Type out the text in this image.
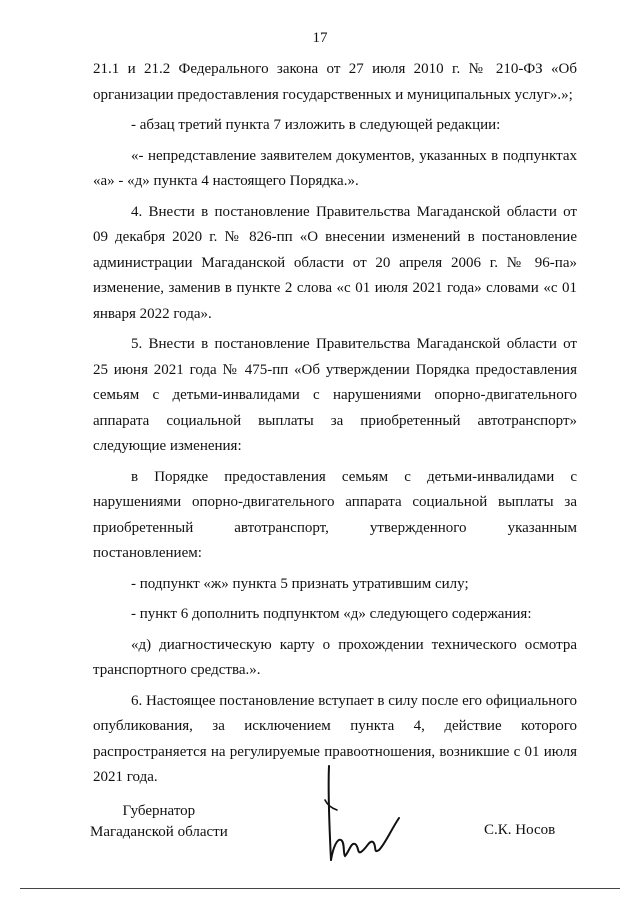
17

21.1 и 21.2 Федерального закона от 27 июля 2010 г. № 210-ФЗ «Об организации предоставления государственных и муниципальных услуг».»;

- абзац третий пункта 7 изложить в следующей редакции:

«- непредставление заявителем документов, указанных в подпунктах «а» - «д» пункта 4 настоящего Порядка.».

4. Внести в постановление Правительства Магаданской области от 09 декабря 2020 г. № 826-пп «О внесении изменений в постановление администрации Магаданской области от 20 апреля 2006 г. № 96-па» изменение, заменив в пункте 2 слова «с 01 июля 2021 года» словами «с 01 января 2022 года».

5. Внести в постановление Правительства Магаданской области от 25 июня 2021 года № 475-пп «Об утверждении Порядка предоставления семьям с детьми-инвалидами с нарушениями опорно-двигательного аппарата социальной выплаты за приобретенный автотранспорт» следующие изменения:

в Порядке предоставления семьям с детьми-инвалидами с нарушениями опорно-двигательного аппарата социальной выплаты за приобретенный автотранспорт, утвержденного указанным постановлением:

- подпункт «ж» пункта 5 признать утратившим силу;

- пункт 6 дополнить подпунктом «д» следующего содержания:

«д) диагностическую карту о прохождении технического осмотра транспортного средства.».

6. Настоящее постановление вступает в силу после его официального опубликования, за исключением пункта 4, действие которого распространяется на регулируемые правоотношения, возникшие с 01 июля 2021 года.

Губернатор
Магаданской области	С.К. Носов
